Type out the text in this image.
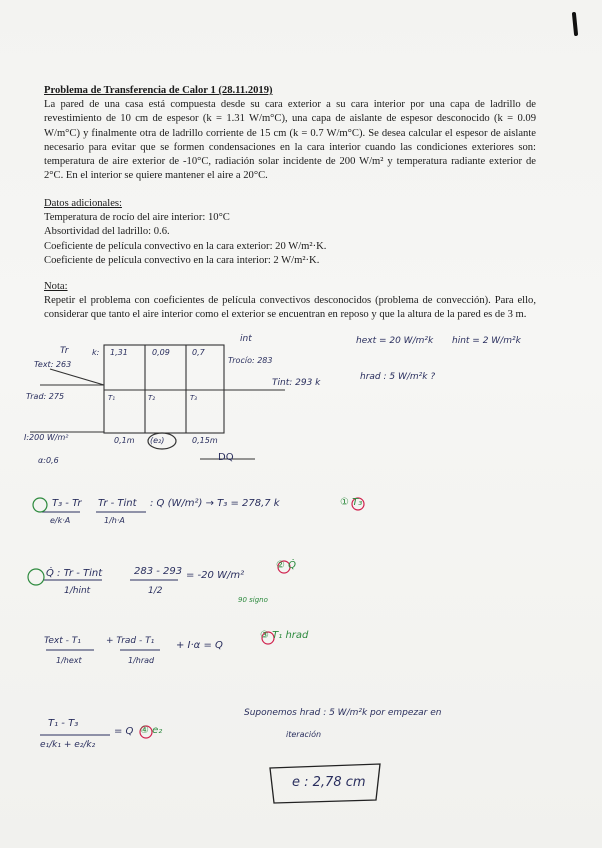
Problema de Transferencia de Calor 1 (28.11.2019)

La pared de una casa está compuesta desde su cara exterior a su cara interior por una capa de ladrillo de revestimiento de 10 cm de espesor (k = 1.31 W/m°C), una capa de aislante de espesor desconocido (k = 0.09 W/m°C) y finalmente otra de ladrillo corriente de 15 cm (k = 0.7 W/m°C). Se desea calcular el espesor de aislante necesario para evitar que se formen condensaciones en la cara interior cuando las condiciones exteriores son: temperatura de aire exterior de -10°C, radiación solar incidente de 200 W/m² y temperatura radiante exterior de 2°C. En el interior se quiere mantener el aire a 20°C.

Datos adicionales:

Temperatura de rocío del aire interior: 10°C

Absortividad del ladrillo: 0.6.

Coeficiente de película convectivo en la cara exterior: 20 W/m²·K.

Coeficiente de película convectivo en la cara interior: 2 W/m²·K.

Nota:

Repetir el problema con coeficientes de película convectivos desconocidos (problema de convección). Para ello, considerar que tanto el aire interior como el exterior se encuentran en reposo y que la altura de la pared es de 3 m.

Tr
Text: 263
Trad: 275
I:200 W/m²
α:0,6
k: 1,31	0,09	0,7
int
Trocío: 283
Tint: 293 k
T₁	T₂	T₃
0,1m (e₂)	0,15m
DQ
hext = 20 W/m²k hint = 2 W/m²k
hrad : 5 W/m²k ?
T₃ - Tr
e/k·A
Tr - Tint
1/h·A
: Q (W/m²) → T₃ = 278,7 k	① T₃
Q̇ : Tr - Tint
1/hint
283 - 293
1/2
= -20 W/m²
② Q̇
90 signo
Text - T₁
1/hext
+ Trad - T₁
1/hrad
+ I·α = Q
③ T₁ hrad
T₁ - T₃
e₁/k₁ + e₂/k₂
= Q ④ e₂
Suponemos hrad : 5 W/m²k por empezar en
iteración
e : 2,78 cm
